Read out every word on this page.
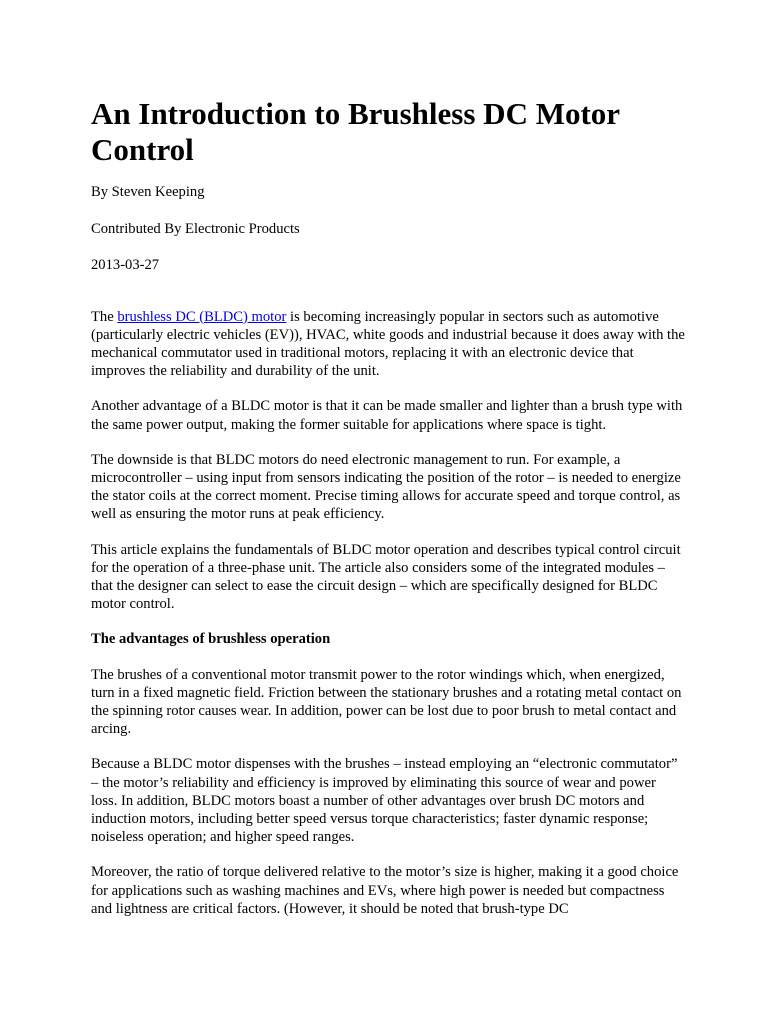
An Introduction to Brushless DC Motor Control

By Steven Keeping

Contributed By Electronic Products

2013-03-27

The brushless DC (BLDC) motor is becoming increasingly popular in sectors such as automotive (particularly electric vehicles (EV)), HVAC, white goods and industrial because it does away with the mechanical commutator used in traditional motors, replacing it with an electronic device that improves the reliability and durability of the unit.

Another advantage of a BLDC motor is that it can be made smaller and lighter than a brush type with the same power output, making the former suitable for applications where space is tight.

The downside is that BLDC motors do need electronic management to run. For example, a microcontroller – using input from sensors indicating the position of the rotor – is needed to energize the stator coils at the correct moment. Precise timing allows for accurate speed and torque control, as well as ensuring the motor runs at peak efficiency.

This article explains the fundamentals of BLDC motor operation and describes typical control circuit for the operation of a three-phase unit. The article also considers some of the integrated modules – that the designer can select to ease the circuit design – which are specifically designed for BLDC motor control.

The advantages of brushless operation

The brushes of a conventional motor transmit power to the rotor windings which, when energized, turn in a fixed magnetic field. Friction between the stationary brushes and a rotating metal contact on the spinning rotor causes wear. In addition, power can be lost due to poor brush to metal contact and arcing.

Because a BLDC motor dispenses with the brushes – instead employing an “electronic commutator” – the motor’s reliability and efficiency is improved by eliminating this source of wear and power loss. In addition, BLDC motors boast a number of other advantages over brush DC motors and induction motors, including better speed versus torque characteristics; faster dynamic response; noiseless operation; and higher speed ranges.

Moreover, the ratio of torque delivered relative to the motor’s size is higher, making it a good choice for applications such as washing machines and EVs, where high power is needed but compactness and lightness are critical factors. (However, it should be noted that brush-type DC
